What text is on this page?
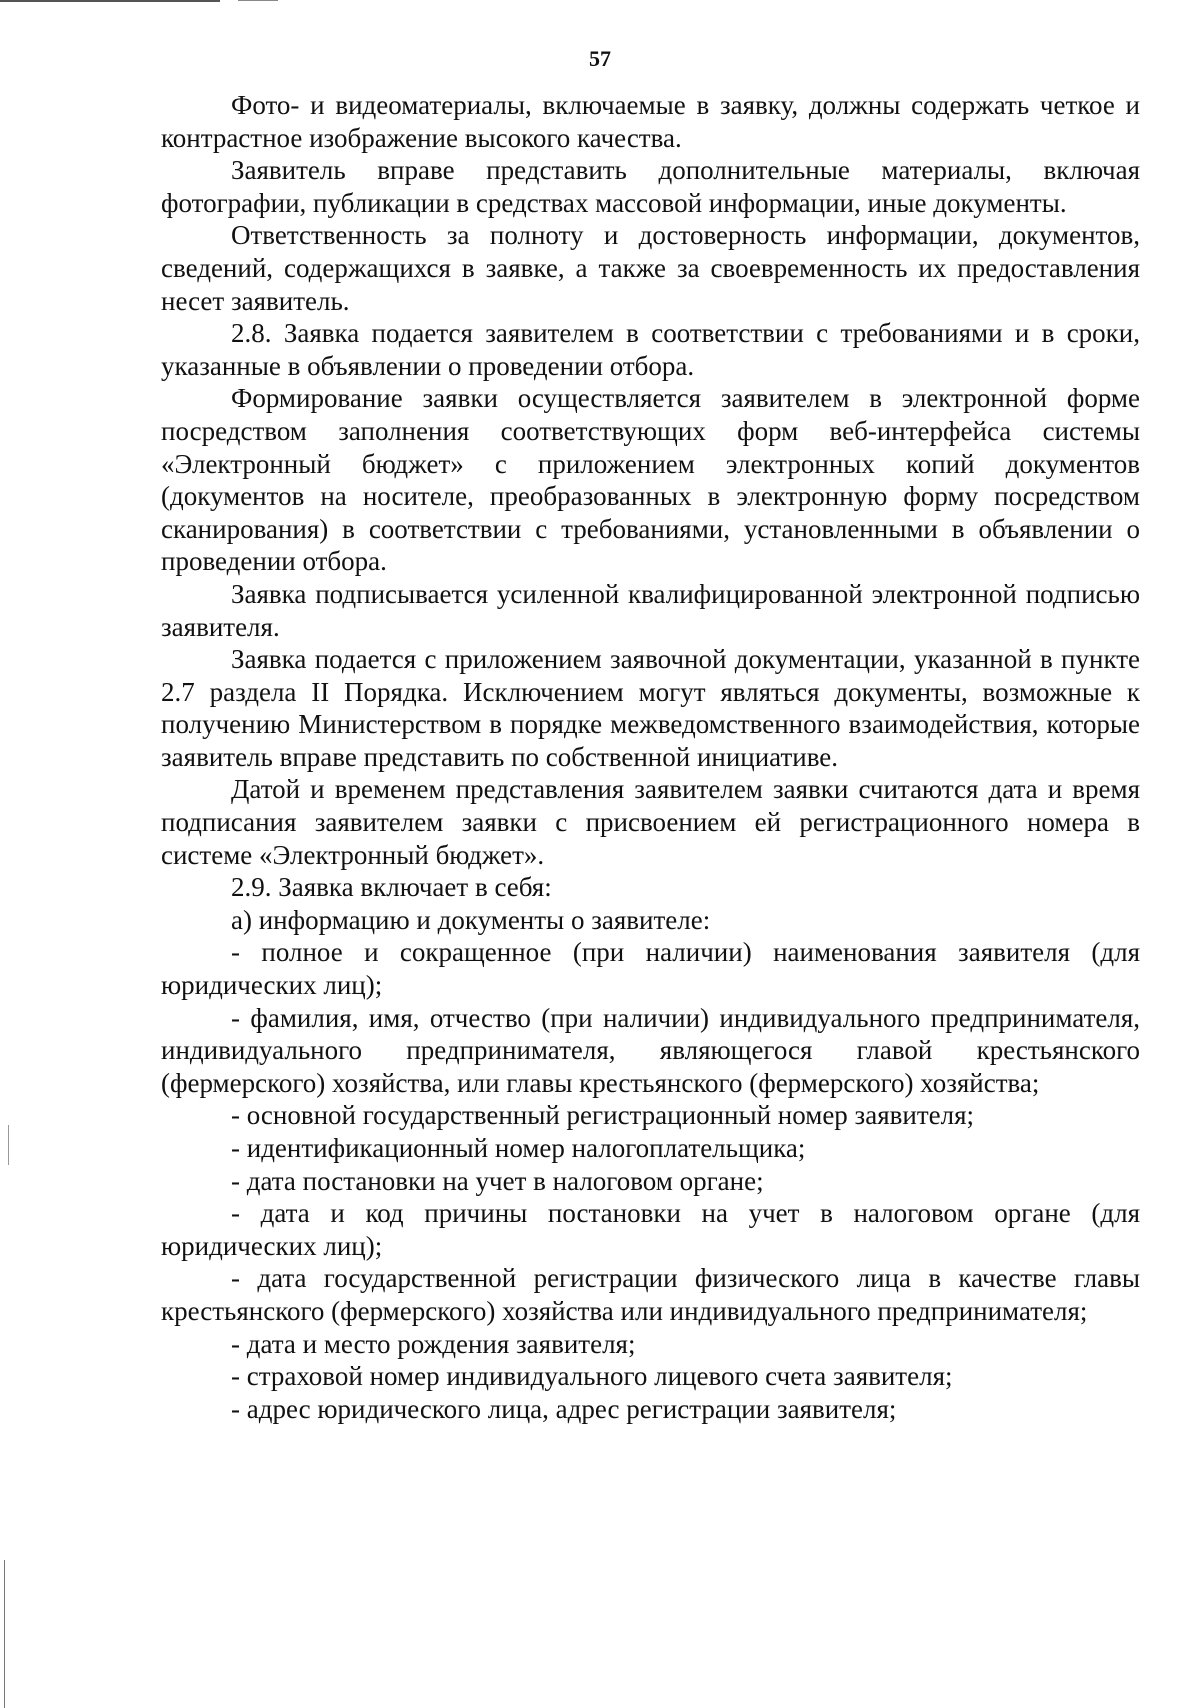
57

Фото- и видеоматериалы, включаемые в заявку, должны содержать четкое и контрастное изображение высокого качества.

Заявитель вправе представить дополнительные материалы, включая фотографии, публикации в средствах массовой информации, иные документы.

Ответственность за полноту и достоверность информации, документов, сведений, содержащихся в заявке, а также за своевременность их предоставления несет заявитель.

2.8. Заявка подается заявителем в соответствии с требованиями и в сроки, указанные в объявлении о проведении отбора.

Формирование заявки осуществляется заявителем в электронной форме посредством заполнения соответствующих форм веб-интерфейса системы «Электронный бюджет» с приложением электронных копий документов (документов на носителе, преобразованных в электронную форму посредством сканирования) в соответствии с требованиями, установленными в объявлении о проведении отбора.

Заявка подписывается усиленной квалифицированной электронной подписью заявителя.

Заявка подается с приложением заявочной документации, указанной в пункте 2.7 раздела II Порядка. Исключением могут являться документы, возможные к получению Министерством в порядке межведомственного взаимодействия, которые заявитель вправе представить по собственной инициативе.

Датой и временем представления заявителем заявки считаются дата и время подписания заявителем заявки с присвоением ей регистрационного номера в системе «Электронный бюджет».

2.9. Заявка включает в себя:

а) информацию и документы о заявителе:

- полное и сокращенное (при наличии) наименования заявителя (для юридических лиц);

- фамилия, имя, отчество (при наличии) индивидуального предпринимателя, индивидуального предпринимателя, являющегося главой крестьянского (фермерского) хозяйства, или главы крестьянского (фермерского) хозяйства;

- основной государственный регистрационный номер заявителя;

- идентификационный номер налогоплательщика;

- дата постановки на учет в налоговом органе;

- дата и код причины постановки на учет в налоговом органе (для юридических лиц);

- дата государственной регистрации физического лица в качестве главы крестьянского (фермерского) хозяйства или индивидуального предпринимателя;

- дата и место рождения заявителя;

- страховой номер индивидуального лицевого счета заявителя;

- адрес юридического лица, адрес регистрации заявителя;
